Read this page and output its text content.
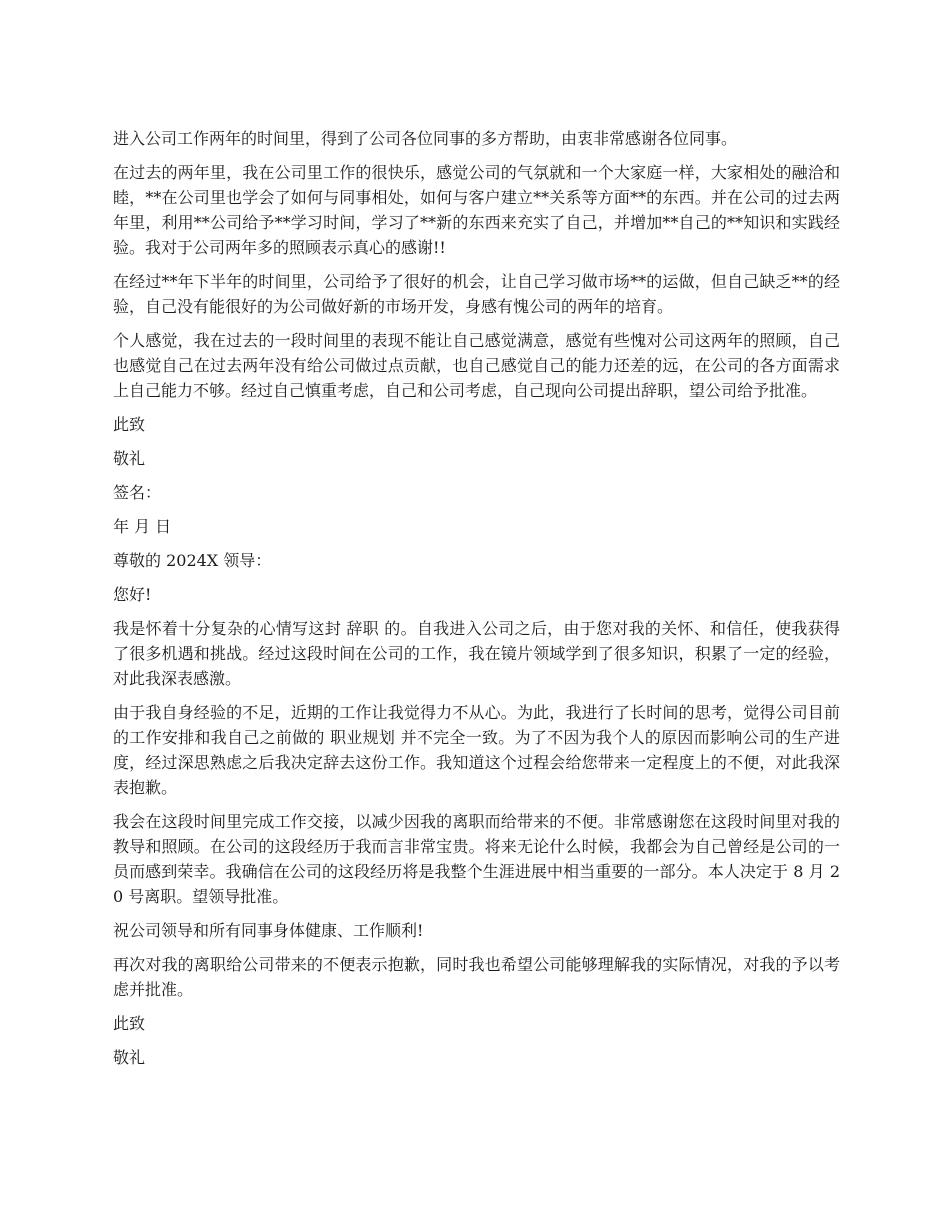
进入公司工作两年的时间里，得到了公司各位同事的多方帮助，由衷非常感谢各位同事。

在过去的两年里，我在公司里工作的很快乐，感觉公司的气氛就和一个大家庭一样，大家相处的融洽和睦，**在公司里也学会了如何与同事相处，如何与客户建立**关系等方面**的东西。并在公司的过去两年里，利用**公司给予**学习时间，学习了**新的东西来充实了自己，并增加**自己的**知识和实践经验。我对于公司两年多的照顾表示真心的感谢!!

在经过**年下半年的时间里，公司给予了很好的机会，让自己学习做市场**的运做，但自己缺乏**的经验，自己没有能很好的为公司做好新的市场开发，身感有愧公司的两年的培育。

个人感觉，我在过去的一段时间里的表现不能让自己感觉满意，感觉有些愧对公司这两年的照顾，自己也感觉自己在过去两年没有给公司做过点贡献，也自己感觉自己的能力还差的远，在公司的各方面需求上自己能力不够。经过自己慎重考虑，自己和公司考虑，自己现向公司提出辞职，望公司给予批准。

此致

敬礼

签名：

年 月 日

尊敬的 2024X 领导：

您好!

我是怀着十分复杂的心情写这封 辞职 的。自我进入公司之后，由于您对我的关怀、和信任，使我获得了很多机遇和挑战。经过这段时间在公司的工作，我在镜片领域学到了很多知识，积累了一定的经验，对此我深表感激。

由于我自身经验的不足，近期的工作让我觉得力不从心。为此，我进行了长时间的思考，觉得公司目前的工作安排和我自己之前做的 职业规划 并不完全一致。为了不因为我个人的原因而影响公司的生产进度，经过深思熟虑之后我决定辞去这份工作。我知道这个过程会给您带来一定程度上的不便，对此我深表抱歉。

我会在这段时间里完成工作交接，以减少因我的离职而给带来的不便。非常感谢您在这段时间里对我的教导和照顾。在公司的这段经历于我而言非常宝贵。将来无论什么时候，我都会为自己曾经是公司的一员而感到荣幸。我确信在公司的这段经历将是我整个生涯进展中相当重要的一部分。本人决定于 8 月 20 号离职。望领导批准。

祝公司领导和所有同事身体健康、工作顺利!

再次对我的离职给公司带来的不便表示抱歉，同时我也希望公司能够理解我的实际情况，对我的予以考虑并批准。

此致

敬礼
